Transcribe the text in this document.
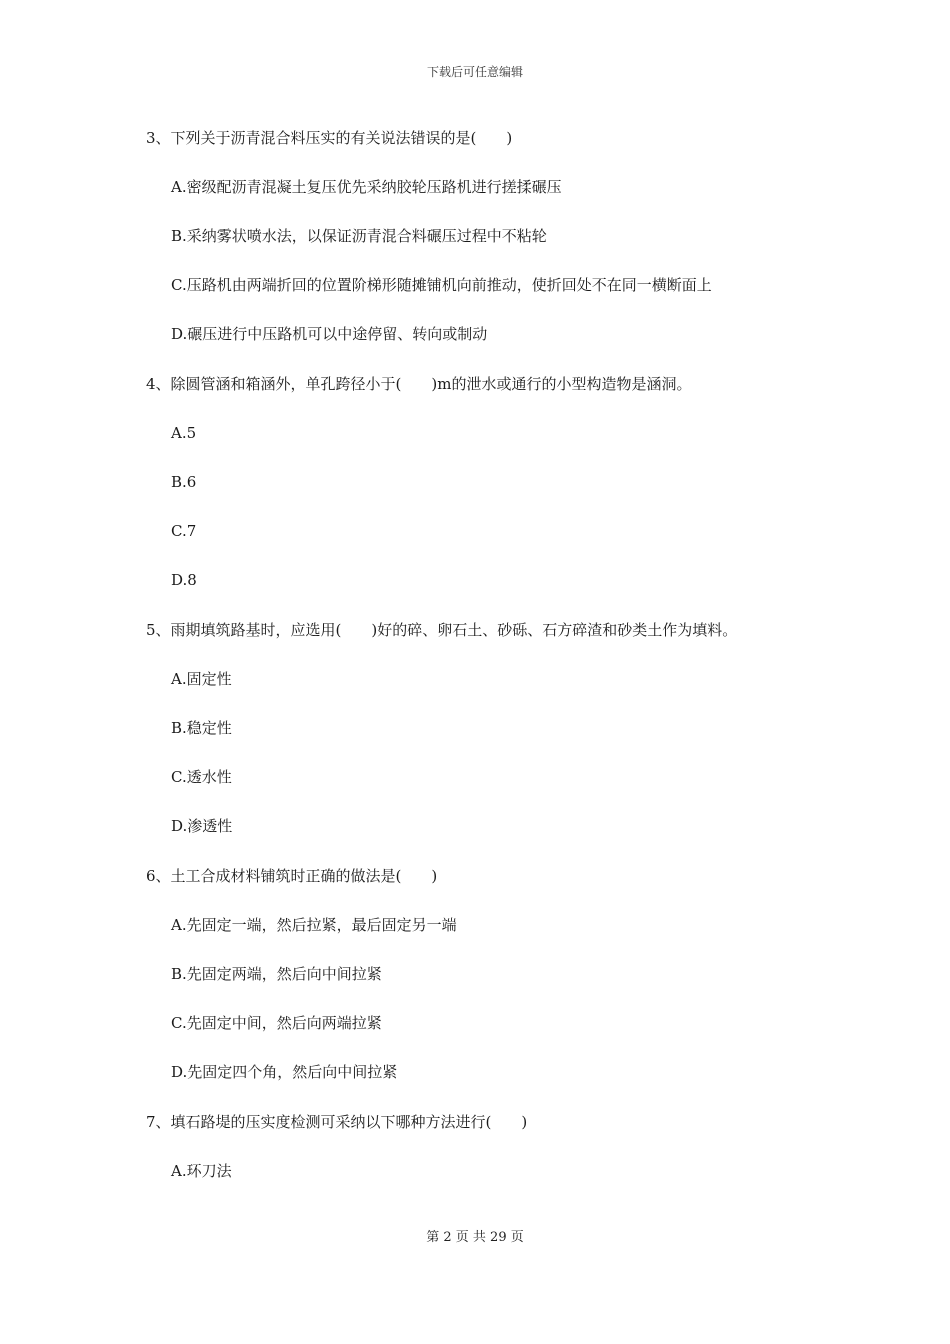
下载后可任意编辑
3、下列关于沥青混合料压实的有关说法错误的是(　　)
A.密级配沥青混凝土复压优先采纳胶轮压路机进行搓揉碾压
B.采纳雾状喷水法，以保证沥青混合料碾压过程中不粘轮
C.压路机由两端折回的位置阶梯形随摊铺机向前推动，使折回处不在同一横断面上
D.碾压进行中压路机可以中途停留、转向或制动
4、除圆管涵和箱涵外，单孔跨径小于(　　)m的泄水或通行的小型构造物是涵洞。
A.5
B.6
C.7
D.8
5、雨期填筑路基时，应选用(　　)好的碎、卵石土、砂砾、石方碎渣和砂类土作为填料。
A.固定性
B.稳定性
C.透水性
D.渗透性
6、土工合成材料铺筑时正确的做法是(　　)
A.先固定一端，然后拉紧，最后固定另一端
B.先固定两端，然后向中间拉紧
C.先固定中间，然后向两端拉紧
D.先固定四个角，然后向中间拉紧
7、填石路堤的压实度检测可采纳以下哪种方法进行(　　)
A.环刀法
第 2 页 共 29 页
